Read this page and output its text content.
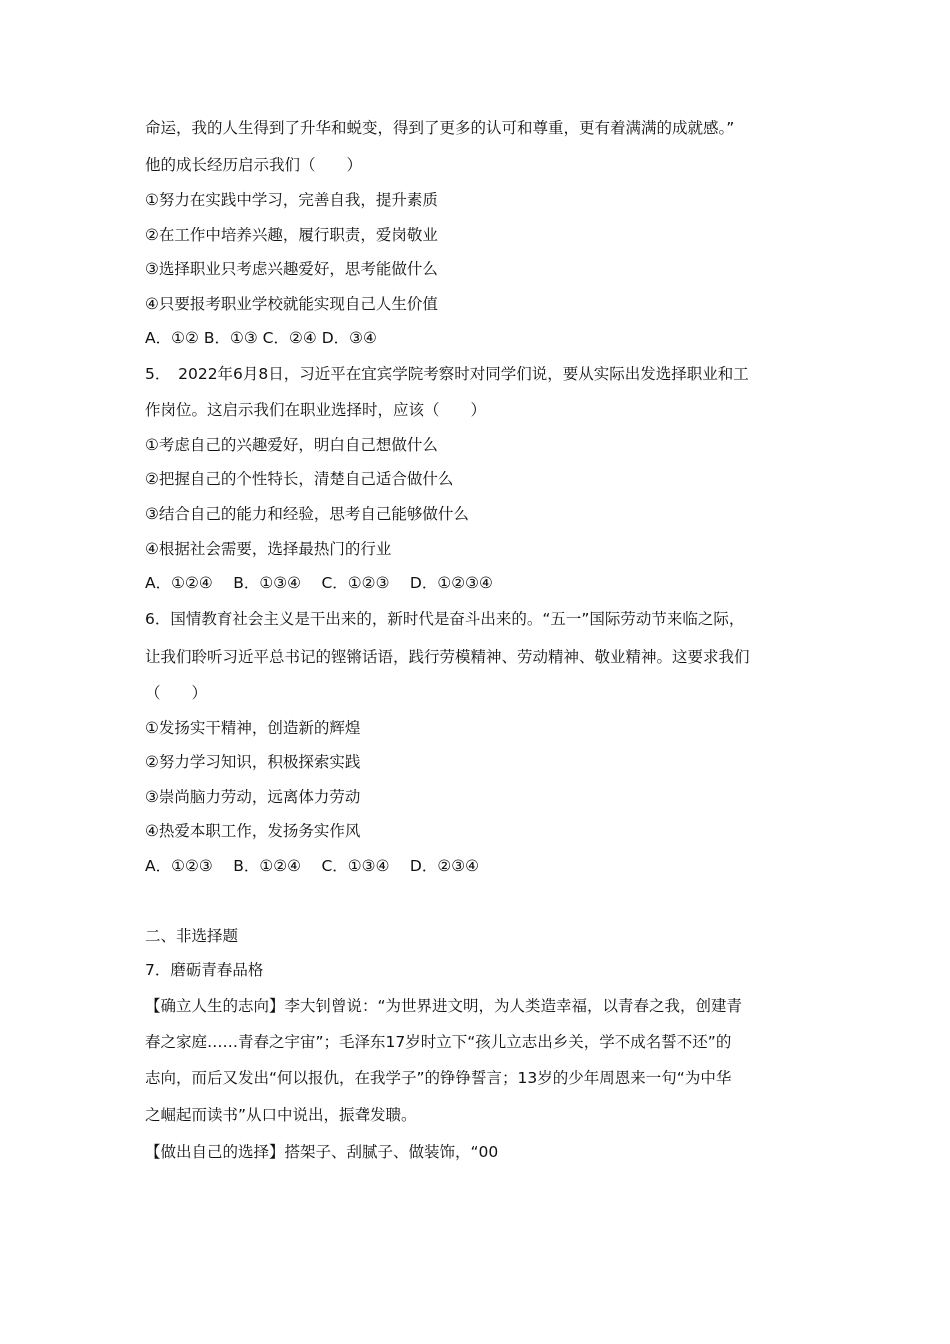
命运，我的人生得到了升华和蜕变，得到了更多的认可和尊重，更有着满满的成就感。”
他的成长经历启示我们（　　）
①努力在实践中学习，完善自我，提升素质
②在工作中培养兴趣，履行职责，爱岗敬业
③选择职业只考虑兴趣爱好，思考能做什么
④只要报考职业学校就能实现自己人生价值
A．①② B．①③ C．②④ D．③④
5．　2022年6月8日，习近平在宜宾学院考察时对同学们说，要从实际出发选择职业和工
作岗位。这启示我们在职业选择时，应该（　　）
①考虑自己的兴趣爱好，明白自己想做什么
②把握自己的个性特长，清楚自己适合做什么
③结合自己的能力和经验，思考自己能够做什么
④根据社会需要，选择最热门的行业
A．①②④　 B．①③④　 C．①②③　 D．①②③④
6．国情教育社会主义是干出来的，新时代是奋斗出来的。“五一”国际劳动节来临之际，
让我们聆听习近平总书记的铿锵话语，践行劳模精神、劳动精神、敬业精神。这要求我们
（　　）
①发扬实干精神，创造新的辉煌
②努力学习知识，积极探索实践
③崇尚脑力劳动，远离体力劳动
④热爱本职工作，发扬务实作风
A．①②③　 B．①②④　 C．①③④　 D．②③④
二、非选择题
7．磨砺青春品格
【确立人生的志向】李大钊曾说：“为世界进文明，为人类造幸福，以青春之我，创建青
春之家庭……青春之宇宙”；毛泽东17岁时立下“孩儿立志出乡关，学不成名誓不还”的
志向，而后又发出“何以报仇，在我学子”的铮铮誓言；13岁的少年周恩来一句“为中华
之崛起而读书”从口中说出，振聋发聩。
【做出自己的选择】搭架子、刮腻子、做装饰，“00
